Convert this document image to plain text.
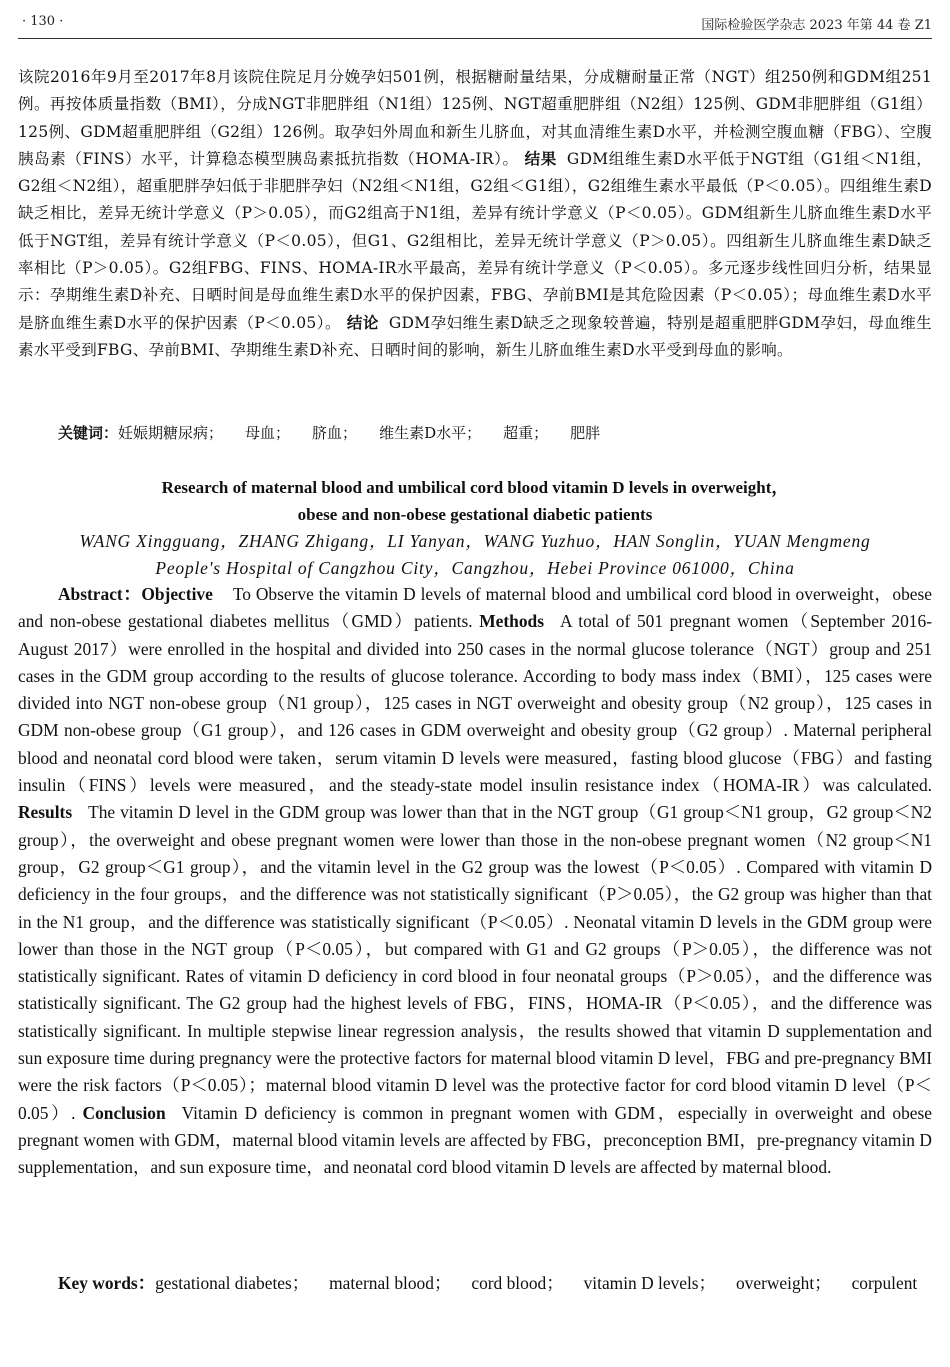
· 130 ·	国际检验医学杂志 2023 年第 44 卷 Z1

该院2016年9月至2017年8月该院住院足月分娩孕妇501例，根据糖耐量结果，分成糖耐量正常（NGT）组250例和GDM组251例。再按体质量指数（BMI），分成NGT非肥胖组（N1组）125例、NGT超重肥胖组（N2组）125例、GDM非肥胖组（G1组）125例、GDM超重肥胖组（G2组）126例。取孕妇外周血和新生儿脐血，对其血清维生素D水平，并检测空腹血糖（FBG）、空腹胰岛素（FINS）水平，计算稳态模型胰岛素抵抗指数（HOMA-IR）。 结果 GDM组维生素D水平低于NGT组（G1组＜N1组，G2组＜N2组），超重肥胖孕妇低于非肥胖孕妇（N2组＜N1组，G2组＜G1组），G2组维生素水平最低（P＜0.05）。四组维生素D缺乏相比，差异无统计学意义（P＞0.05），而G2组高于N1组，差异有统计学意义（P＜0.05）。GDM组新生儿脐血维生素D水平低于NGT组，差异有统计学意义（P＜0.05），但G1、G2组相比，差异无统计学意义（P＞0.05）。四组新生儿脐血维生素D缺乏率相比（P＞0.05）。G2组FBG、FINS、HOMA-IR水平最高，差异有统计学意义（P＜0.05）。多元逐步线性回归分析，结果显示：孕期维生素D补充、日晒时间是母血维生素D水平的保护因素，FBG、孕前BMI是其危险因素（P＜0.05）；母血维生素D水平是脐血维生素D水平的保护因素（P＜0.05）。 结论 GDM孕妇维生素D缺乏之现象较普遍，特别是超重肥胖GDM孕妇，母血维生素水平受到FBG、孕前BMI、孕期维生素D补充、日晒时间的影响，新生儿脐血维生素D水平受到母血的影响。

关键词：妊娠期糖尿病； 母血； 脐血； 维生素D水平； 超重； 肥胖
Research of maternal blood and umbilical cord blood vitamin D levels in overweight，
obese and non-obese gestational diabetic patients
WANG Xingguang，ZHANG Zhigang，LI Yanyan，WANG Yuzhuo，HAN Songlin，YUAN Mengmeng
People's Hospital of Cangzhou City，Cangzhou，Hebei Province 061000，China

Abstract：Objective To Observe the vitamin D levels of maternal blood and umbilical cord blood in overweight，obese and non-obese gestational diabetes mellitus（GMD）patients. Methods A total of 501 pregnant women（September 2016-August 2017）were enrolled in the hospital and divided into 250 cases in the normal glucose tolerance（NGT）group and 251 cases in the GDM group according to the results of glucose tolerance. According to body mass index（BMI），125 cases were divided into NGT non-obese group（N1 group），125 cases in NGT overweight and obesity group（N2 group），125 cases in GDM non-obese group（G1 group），and 126 cases in GDM overweight and obesity group（G2 group）. Maternal peripheral blood and neonatal cord blood were taken，serum vitamin D levels were measured，fasting blood glucose（FBG）and fasting insulin（FINS）levels were measured，and the steady-state model insulin resistance index（HOMA-IR）was calculated. Results The vitamin D level in the GDM group was lower than that in the NGT group（G1 group＜N1 group，G2 group＜N2 group），the overweight and obese pregnant women were lower than those in the non-obese pregnant women（N2 group＜N1 group，G2 group＜G1 group），and the vitamin level in the G2 group was the lowest（P＜0.05）. Compared with vitamin D deficiency in the four groups，and the difference was not statistically significant（P＞0.05），the G2 group was higher than that in the N1 group，and the difference was statistically significant（P＜0.05）. Neonatal vitamin D levels in the GDM group were lower than those in the NGT group（P＜0.05），but compared with G1 and G2 groups（P＞0.05），the difference was not statistically significant. Rates of vitamin D deficiency in cord blood in four neonatal groups（P＞0.05），and the difference was statistically significant. The G2 group had the highest levels of FBG，FINS，HOMA-IR（P＜0.05），and the difference was statistically significant. In multiple stepwise linear regression analysis，the results showed that vitamin D supplementation and sun exposure time during pregnancy were the protective factors for maternal blood vitamin D level，FBG and pre-pregnancy BMI were the risk factors（P＜0.05）；maternal blood vitamin D level was the protective factor for cord blood vitamin D level（P＜0.05）. Conclusion Vitamin D deficiency is common in pregnant women with GDM，especially in overweight and obese pregnant women with GDM，maternal blood vitamin levels are affected by FBG，preconception BMI，pre-pregnancy vitamin D supplementation，and sun exposure time，and neonatal cord blood vitamin D levels are affected by maternal blood.

Key words：gestational diabetes； maternal blood； cord blood； vitamin D levels； overweight； corpulent
